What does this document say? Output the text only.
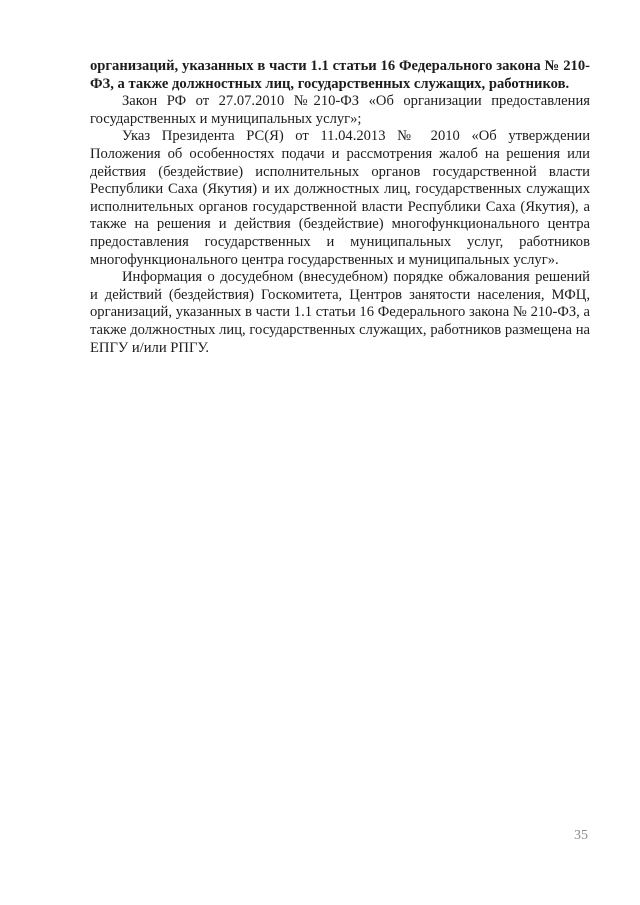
организаций, указанных в части 1.1 статьи 16 Федерального закона № 210-ФЗ, а также должностных лиц, государственных служащих, работников.

Закон РФ от 27.07.2010 №210-ФЗ «Об организации предоставления государственных и муниципальных услуг»;

Указ Президента РС(Я) от 11.04.2013 № 2010 «Об утверждении Положения об особенностях подачи и рассмотрения жалоб на решения или действия (бездействие) исполнительных органов государственной власти Республики Саха (Якутия) и их должностных лиц, государственных служащих исполнительных органов государственной власти Республики Саха (Якутия), а также на решения и действия (бездействие) многофункционального центра предоставления государственных и муниципальных услуг, работников многофункционального центра государственных и муниципальных услуг».

Информация о досудебном (внесудебном) порядке обжалования решений и действий (бездействия) Госкомитета, Центров занятости населения, МФЦ, организаций, указанных в части 1.1 статьи 16 Федерального закона № 210-ФЗ, а также должностных лиц, государственных служащих, работников размещена на ЕПГУ и/или РПГУ.

35
